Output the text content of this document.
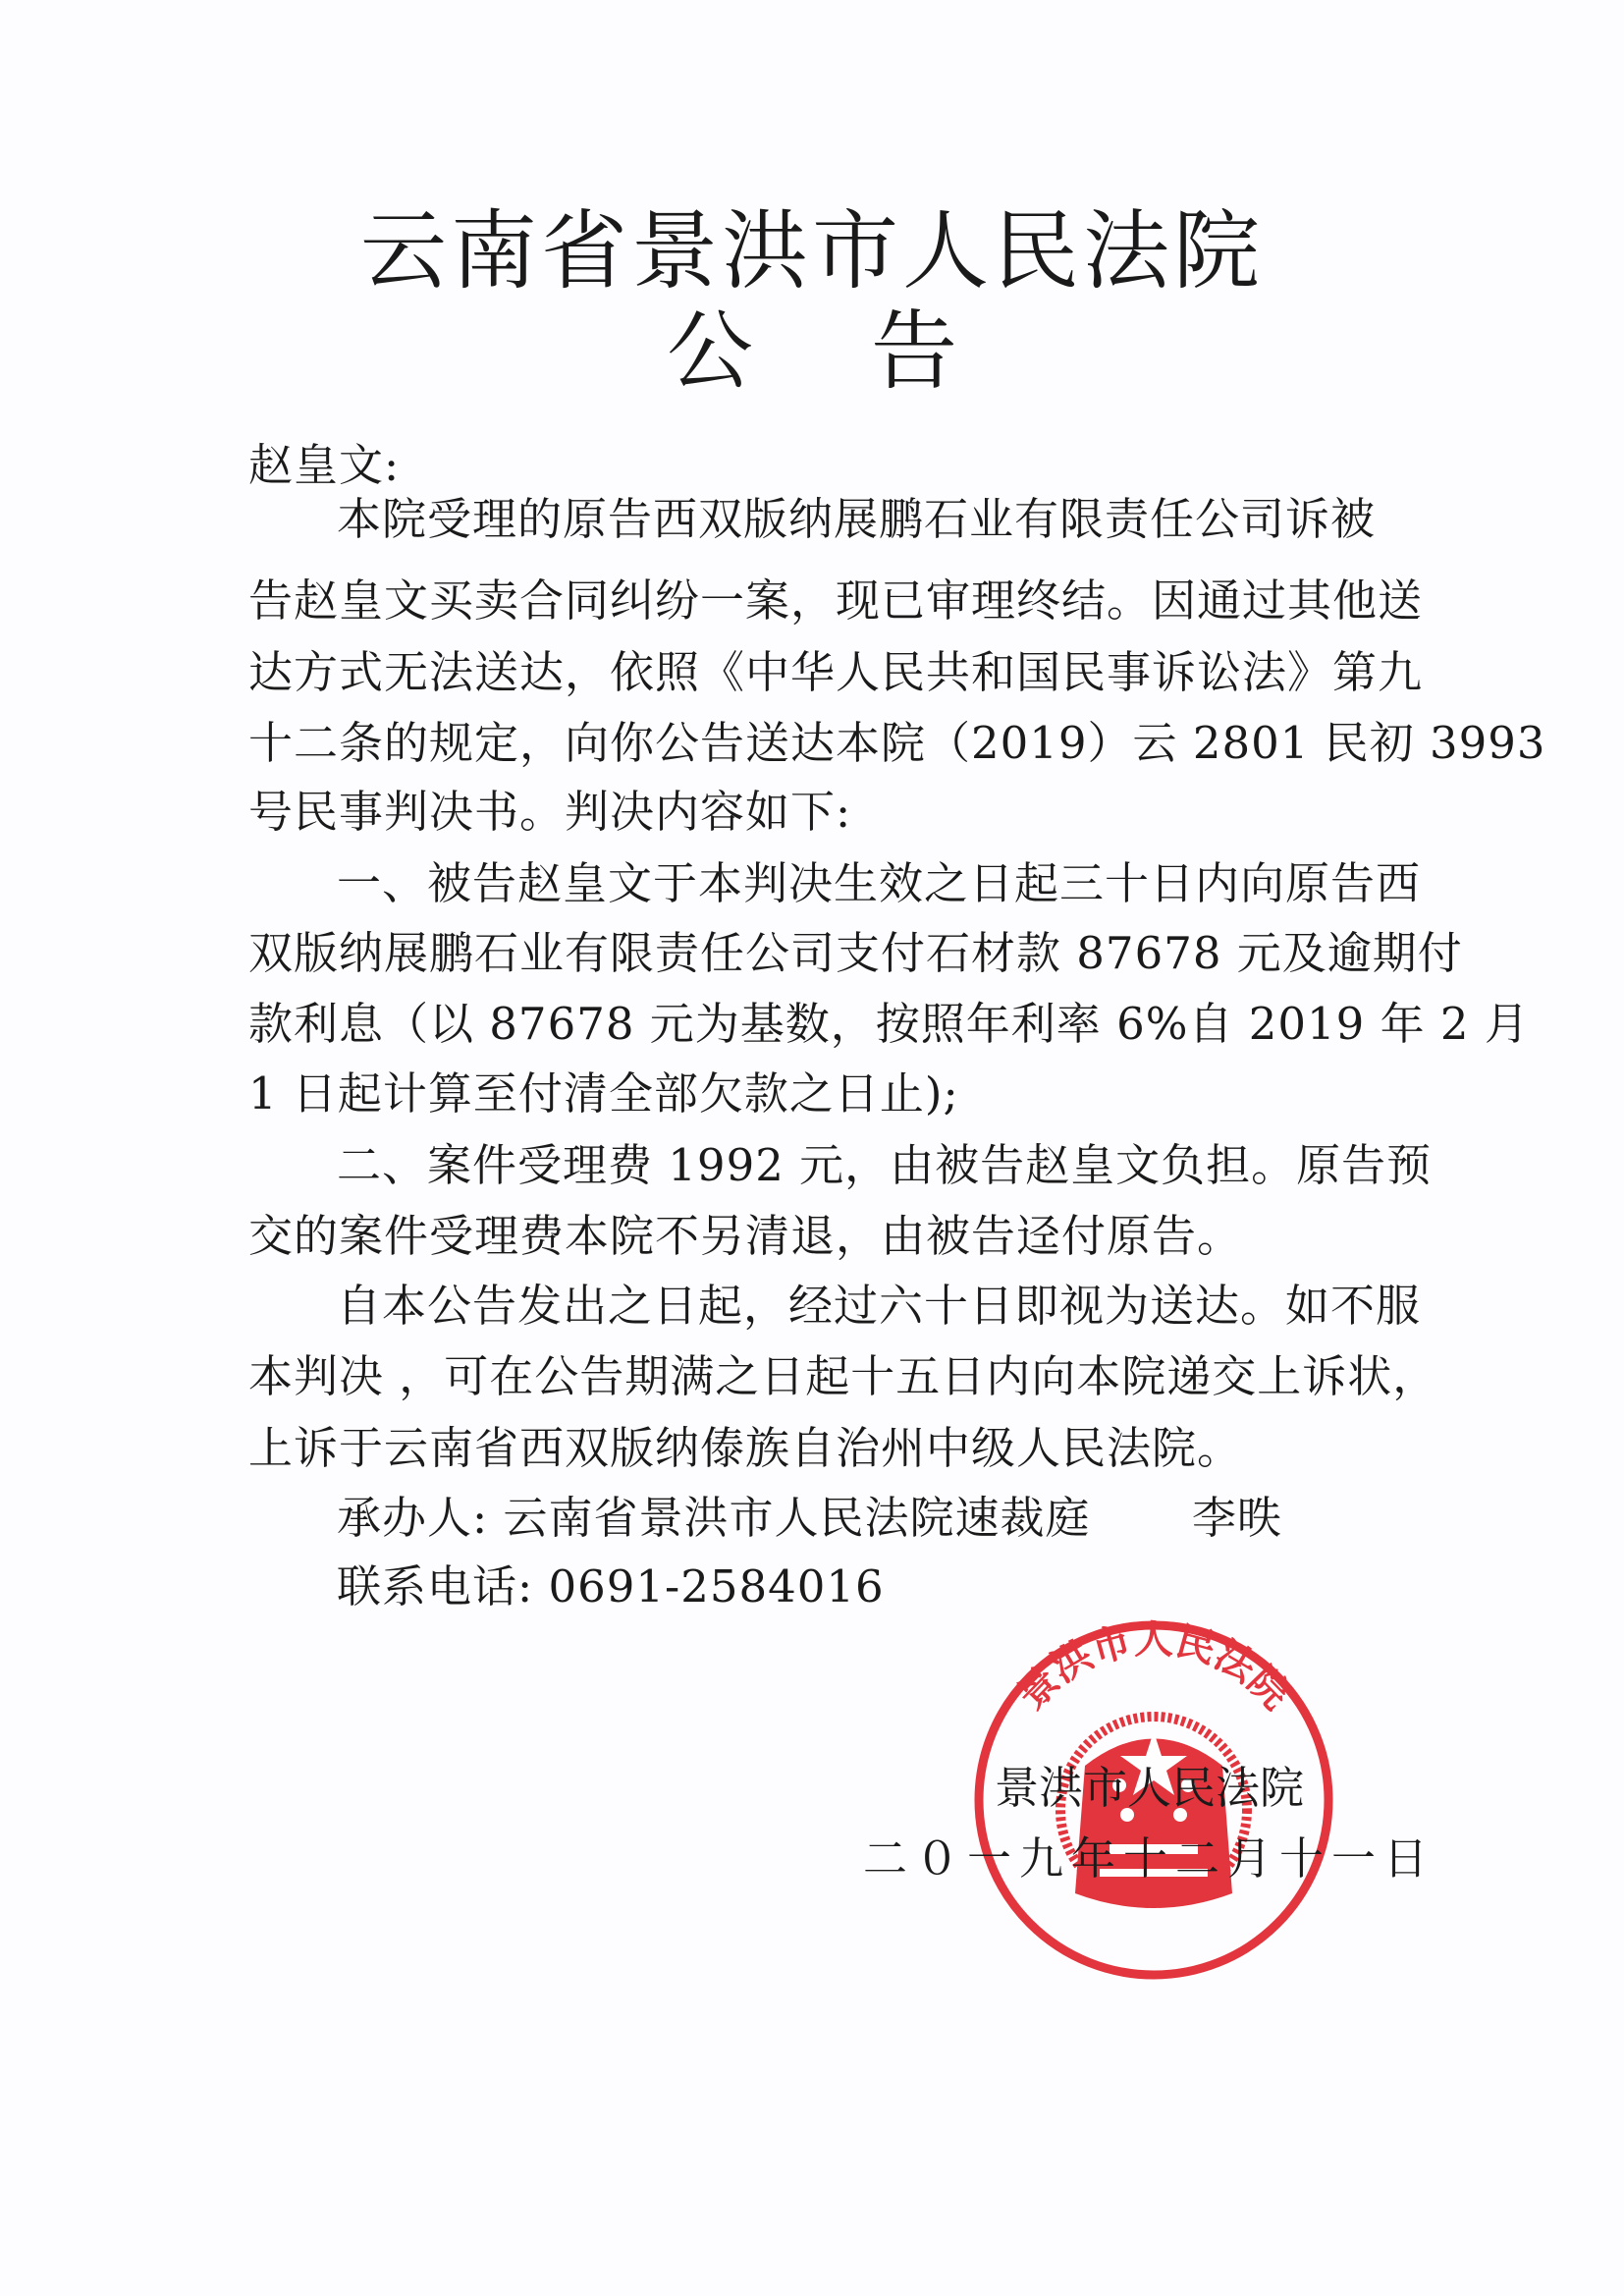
云南省景洪市人民法院
公告
赵皇文:
本院受理的原告西双版纳展鹏石业有限责任公司诉被
告赵皇文买卖合同纠纷一案，现已审理终结。因通过其他送
达方式无法送达，依照《中华人民共和国民事诉讼法》第九
十二条的规定，向你公告送达本院（2019）云 2801 民初 3993
号民事判决书。判决内容如下:
一、被告赵皇文于本判决生效之日起三十日内向原告西
双版纳展鹏石业有限责任公司支付石材款 87678 元及逾期付
款利息（以 87678 元为基数，按照年利率 6%自 2019 年 2 月
1 日起计算至付清全部欠款之日止);
二、案件受理费 1992 元，由被告赵皇文负担。原告预
交的案件受理费本院不另清退，由被告迳付原告。
自本公告发出之日起，经过六十日即视为送达。如不服
本判决 ，可在公告期满之日起十五日内向本院递交上诉状，
上诉于云南省西双版纳傣族自治州中级人民法院。
承办人: 云南省景洪市人民法院速裁庭 李昳
联系电话: 0691-2584016
景洪市人民法院
景洪市人民法院
二０一九年十二月十一日
